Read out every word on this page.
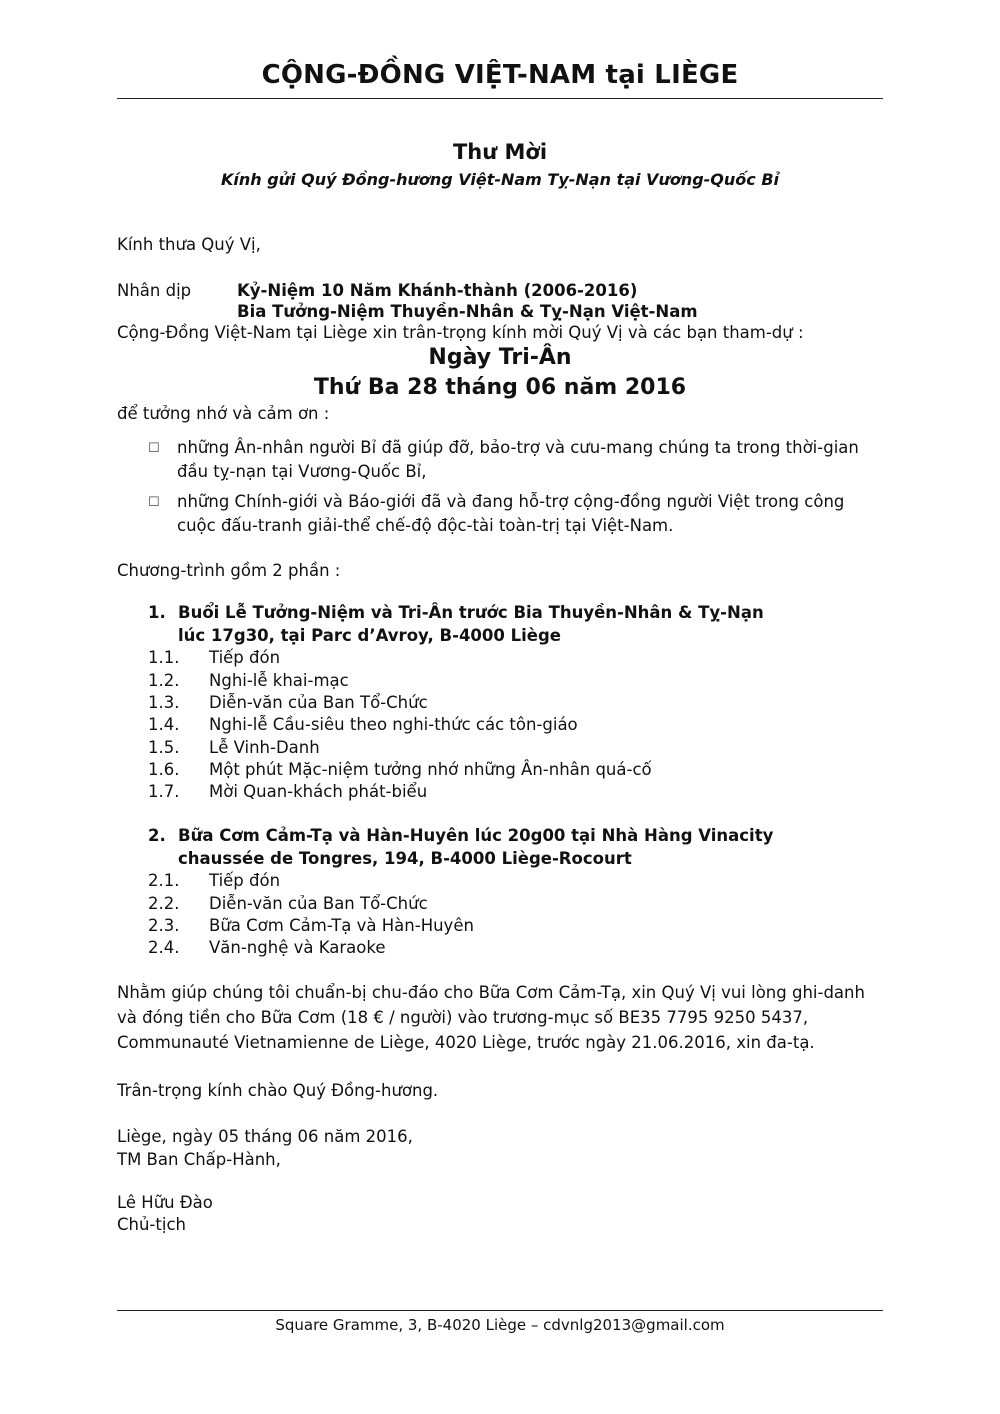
CỘNG-ĐỒNG VIỆT-NAM tại LIÈGE
Thư Mời
Kính gửi Quý Đồng-hương Việt-Nam Tỵ-Nạn tại Vương-Quốc Bỉ
Kính thưa Quý Vị,
Nhân dịp	Kỷ-Niệm 10 Năm Khánh-thành (2006-2016)
Bia Tưởng-Niệm Thuyền-Nhân & Tỵ-Nạn Việt-Nam
Cộng-Đồng Việt-Nam tại Liège xin trân-trọng kính mời Quý Vị và các bạn tham-dự :
Ngày Tri-Ân
Thứ Ba 28 tháng 06 năm 2016
để tưởng nhớ và cảm ơn :
☐ những Ân-nhân người Bỉ đã giúp đỡ, bảo-trợ và cưu-mang chúng ta trong thời-gian
đầu tỵ-nạn tại Vương-Quốc Bỉ,
☐ những Chính-giới và Báo-giới đã và đang hỗ-trợ cộng-đồng người Việt trong công
cuộc đấu-tranh giải-thể chế-độ độc-tài toàn-trị tại Việt-Nam.
Chương-trình gồm 2 phần :
1. Buổi Lễ Tưởng-Niệm và Tri-Ân trước Bia Thuyền-Nhân & Tỵ-Nạn
lúc 17g30, tại Parc d’Avroy, B-4000 Liège
1.1. Tiếp đón
1.2. Nghi-lễ khai-mạc
1.3. Diễn-văn của Ban Tổ-Chức
1.4. Nghi-lễ Cầu-siêu theo nghi-thức các tôn-giáo
1.5. Lễ Vinh-Danh
1.6. Một phút Mặc-niệm tưởng nhớ những Ân-nhân quá-cố
1.7. Mời Quan-khách phát-biểu
2. Bữa Cơm Cảm-Tạ và Hàn-Huyên lúc 20g00 tại Nhà Hàng Vinacity
chaussée de Tongres, 194, B-4000 Liège-Rocourt
2.1. Tiếp đón
2.2. Diễn-văn của Ban Tổ-Chức
2.3. Bữa Cơm Cảm-Tạ và Hàn-Huyên
2.4. Văn-nghệ và Karaoke
Nhằm giúp chúng tôi chuẩn-bị chu-đáo cho Bữa Cơm Cảm-Tạ, xin Quý Vị vui lòng ghi-danh
và đóng tiền cho Bữa Cơm (18 € / người) vào trương-mục số BE35 7795 9250 5437,
Communauté Vietnamienne de Liège, 4020 Liège, trước ngày 21.06.2016, xin đa-tạ.
Trân-trọng kính chào Quý Đồng-hương.
Liège, ngày 05 tháng 06 năm 2016,
TM Ban Chấp-Hành,
Lê Hữu Đào
Chủ-tịch
Square Gramme, 3, B-4020 Liège – cdvnlg2013@gmail.com
